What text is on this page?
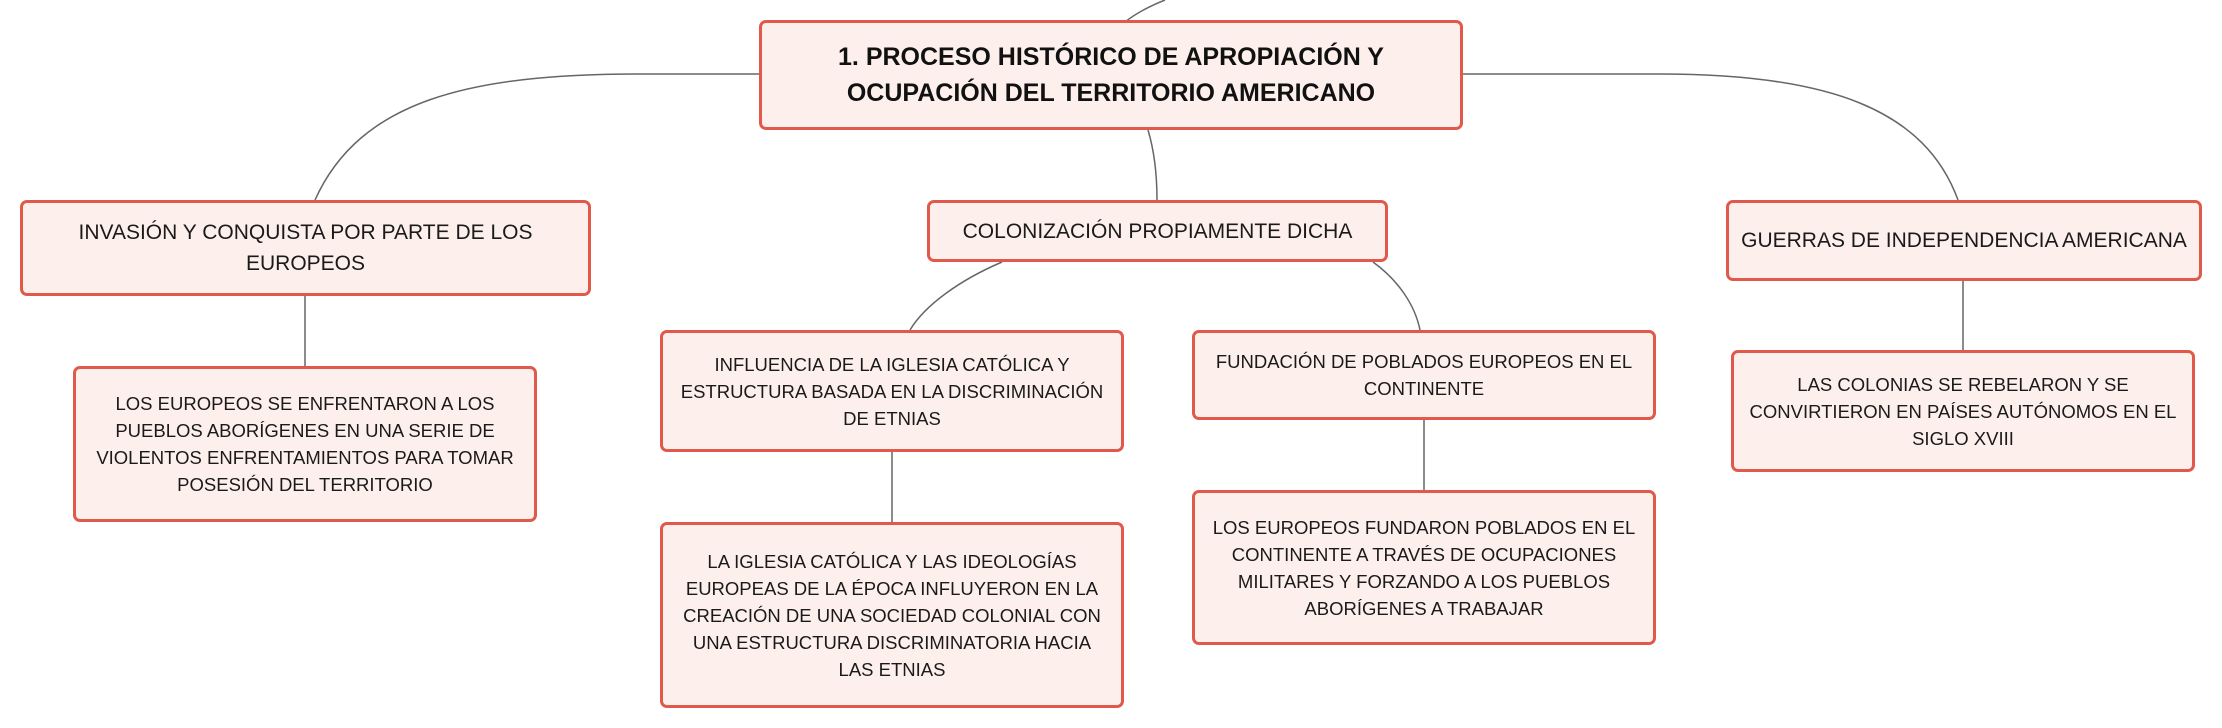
1. PROCESO HISTÓRICO DE APROPIACIÓN Y OCUPACIÓN DEL TERRITORIO AMERICANO
INVASIÓN Y CONQUISTA POR PARTE DE LOS EUROPEOS
COLONIZACIÓN PROPIAMENTE DICHA	GUERRAS DE INDEPENDENCIA AMERICANA
LOS EUROPEOS SE ENFRENTARON A LOS PUEBLOS ABORÍGENES EN UNA SERIE DE VIOLENTOS ENFRENTAMIENTOS PARA TOMAR POSESIÓN DEL TERRITORIO
INFLUENCIA DE LA IGLESIA CATÓLICA Y ESTRUCTURA BASADA EN LA DISCRIMINACIÓN DE ETNIAS
FUNDACIÓN DE POBLADOS EUROPEOS EN EL CONTINENTE
LA IGLESIA CATÓLICA Y LAS IDEOLOGÍAS EUROPEAS DE LA ÉPOCA INFLUYERON EN LA CREACIÓN DE UNA SOCIEDAD COLONIAL CON UNA ESTRUCTURA DISCRIMINATORIA HACIA LAS ETNIAS
LOS EUROPEOS FUNDARON POBLADOS EN EL CONTINENTE A TRAVÉS DE OCUPACIONES MILITARES Y FORZANDO A LOS PUEBLOS ABORÍGENES A TRABAJAR
LAS COLONIAS SE REBELARON Y SE CONVIRTIERON EN PAÍSES AUTÓNOMOS EN EL SIGLO XVIII
